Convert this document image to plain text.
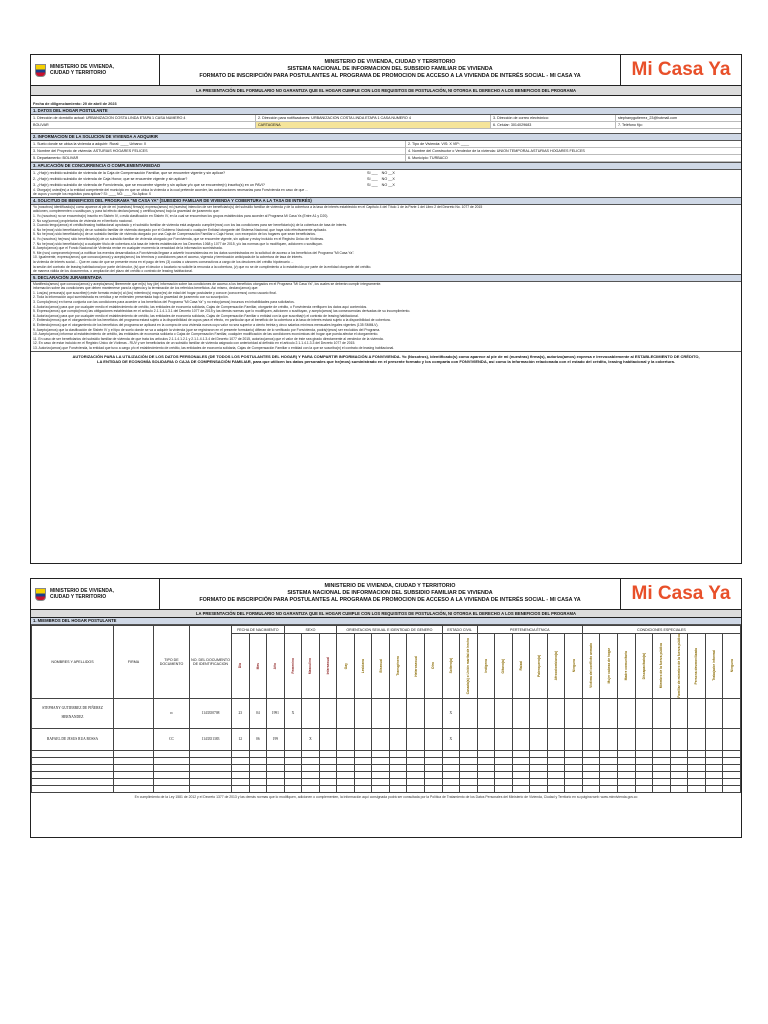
MINISTERIO DE VIVIENDA,
CIUDAD Y TERRITORIO
MINISTERIO DE VIVIENDA, CIUDAD Y TERRITORIO
SISTEMA NACIONAL DE INFORMACION DEL SUBSIDIO FAMILIAR DE VIVIENDA
FORMATO DE INSCRIPCIÓN PARA POSTULANTES AL PROGRAMA DE PROMOCION DE ACCESO A LA VIVIENDA DE INTERÉS SOCIAL - MI CASA YA	Mi Casa Ya
LA PRESENTACIÓN DEL FORMULARIO NO GARANTIZA QUE EL HOGAR CUMPLE CON LOS REQUISITOS DE POSTULACIÓN, NI OTORGA EL DERECHO A LOS BENEFICIOS DEL PROGRAMA
Fecha de diligenciamiento: 20 de abril de 2023
1. DATOS DEL HOGAR POSTULANTE
1. Dirección de domicilio actual: URBANIZACION COSTA LINDA ETAPA 1 CASA NUMERO 4	2. Dirección para notificaciones: URBANIZACION COSTA LINDA ETAPA 1 CASA NUMERO 4	3. Dirección de correo electrónico:	stephanygutierrez_23@hotmail.com
BOLIVAR	CARTAGENA	6. Celular: 3014029683	7. Teléfono fijo:
2. INFORMACION DE LA SOLUCION DE VIVIENDA A ADQUIRIR
1. Suelo donde se ubica la vivienda a adquirir: Rural: ____ Urbano: X	2. Tipo de Vivienda: VIS: X VIP: ____
3. Nombre del Proyecto de vivienda: ASTURIAS HOGARES FELICES	4. Nombre del Constructor o Vendedor de la vivienda: UNION TEMPORAL ASTURIAS HOGARES FELICES
5. Departamento: BOLIVAR	6. Municipio: TURBACO
3. APLICACIÓN DE CONCURRENCIA O COMPLEMENTARIEDAD
1. ¿Ha(n) recibido subsidio de vivienda de la Caja de Compensación Familiar, que se encuentre vigente y sin aplicar?	SI ___	NO __X
2. ¿Ha(n) recibido subsidio de vivienda de Caja Honor, que se encuentre vigente y sin aplicar?	SI ___	NO __X
3. ¿Ha(n) recibido subsidio de vivienda de Fonvivienda, que se encuentre vigente y sin aplicar y/o que se encuentre(n) inscrito(s) en un PAVI?	SI ___	NO __X
4. Otorga(n) usted(es) a la entidad competente del municipio en que se ubica la vivienda a la cual pretende acceder, las autorizaciones necesarias para Fonvivienda en caso de que ...
de cupos y cumple los requisitos para aplicar? SI: ____ NO: ____ No Aplica: X
4. SOLICITUD DE BENEFICIOS DEL PROGRAMA "MI CASA YA" (SUBSIDIO FAMILIAR DE VIVIENDA Y COBERTURA A LA TASA DE INTERÉS)
Yo (nosotros) identificado(s) como aparece al pie de mi (nuestras) firma(s) expreso(amos) mi (nuestra) intención de ser beneficiario(s) del subsidio familiar de vivienda y de la cobertura a la tasa de interés establecido en el Capítulo 4 del Título 1 de la Parte 1 del Libro 2 del Decreto No. 1077 de 2015
adicionen, complementen o sustituyan, y para tal efecto declaro(amos) y certifico(amos) bajo la gravedad de juramento que:
1. Yo (nosotros) no se encuentra(n) inscrito en Sisbén IV, o está clasificación en Sisbén IV, en la cual se encuentran los grupos establecidos para acceder al Programa Mi Casa Ya (Entre A1 y D20).
2. No soy(somos) propietarios de vivienda en el territorio nacional.
3. Cuando tengo(amos) el crédito/leasing habitacional aprobado y el subsidio familiar de vivienda está asignado cumpliré(mos) con los las condiciones para ser beneficiario(s) de la cobertura de tasa de interés.
4. No he(mos) sido beneficiario(s) de un subsidio familiar de vivienda otorgado por el Gobierno Nacional o cualquier Entidad otorgante del Sistema Nacional, que haya sido efectivamente aplicado.
5. No he(mos) sido beneficiario(s) de un subsidio familiar de vivienda otorgado por una Caja de Compensación Familiar o Caja Honor, con excepción de los hogares que sean beneficiarios.
6. Yo (nosotros) he(mos) sido beneficiario(s) de un subsidio familiar de vivienda otorgado por Fonvivienda, que se encuentre vigente, sin aplicar y estoy incluido en el Registro Único de Víctimas.
7. No he(mos) sido beneficiario(s) a cualquier título de cobertura a la tasa de interés establecida en los Decretos 1068 y 1077 de 2015, y/o las normas que lo modifiquen, adicionen o sustituyan.
8. Acepto(amos) que el Fondo Nacional de Vivienda revise en cualquier momento la veracidad de la información suministrada.
9. Me (nos) comprometo(emos) a notificar los eventos desarrollados a Fonvivienda llegase a advertir inconsistencias en los datos suministrados en la solicitud de acceso a los beneficios del Programa "Mi Casa Ya".
10. Igualmente, expreso(amos) que conozco(amos) y acepto(amos) los términos y condiciones para el acceso, vigencia y terminación anticipada de la cobertura de tasa de interés.
la vivienda de interés social ... Que en caso de que se presente mora en el pago de tres (3) cuotas o cánones consecutivos a cargo de los deudores del crédito hipotecario ...
la sesión del contrato de leasing habitacional por parte del deudor, (iv) que el deudor o locatario no solicite la renuncia a la cobertura, (v) que no se de cumplimiento a lo establecido por parte de la entidad otorgante del crédito.
de manera válida de los documentos. o ampliación del plazo del crédito o contrato de leasing habitacional.
5. DECLARACIÓN JURAMENTADA
Manifiesto(amos) que conozco(amos) y acepto(amos) libremente que mi(s) hoy (de) información sobre las condiciones de acceso a los beneficios otorgados en el Programa "Mi Casa Ya", los cuales se deberán cumplir íntegramente.
información sobre las condiciones que deben mantenerse para la vigencia y la terminación de los referidos beneficios. Así mismo, declaro(amos) que:
1. Los(as) persona(s) que suscribe(n) este formato estar(n) al (los) miembro(s) mayor(es) de edad del hogar postulante y conoce (conocemos) como usuario final.
2. Toda la información aquí suministrada es verídica y se entienden presentada bajo la gravedad de juramento con su suscripción.
3. Cumplo(imos) en forma conjunta con las condiciones para acceder a los beneficios del Programa "Mi Casa Ya" y no estoy(amos) incursos en inhabilidades para solicitarlos.
4. Autorizo(amos) para que por cualquier medio el establecimiento de crédito, las entidades de economía solidaria, Cajas de Compensación Familiar, otorgante de crédito, o Fonvivienda verifiquen los datos aquí contenidos.
5. Expreso(amos) que cumplo(imos) las obligaciones establecidas en el artículo 2.1.1.4.1.3.1 del Decreto 1077 de 2015 y las demás normas que lo modifiquen, adicionen o sustituyan, y acepto(amos) las consecuencias derivadas de su incumplimiento.
6. Autorizo(amos) para que por cualquier medio el establecimiento de crédito, las entidades de economía solidaria, Cajas de Compensación Familiar o entidad con la que suscriba(n) el contrato de leasing habitacional.
7. Entiendo(emos) que el otorgamiento de los beneficios del programa estará sujeto a la disponibilidad de cupos para el efecto, en particular que al beneficio de la cobertura a la tasa de interés estará sujeto a la disponibilidad de cobertura.
8. Entiendo(emos) que el otorgamiento de los beneficios del programa se aplicará en la compra de una vivienda nueva cuyo valor no sea superior a ciento treinta y cinco salarios mínimos mensuales legales vigentes (135 SMMLV).
9. Acepto(amos) que la clasificación de Sisbén IV y el tipo de suelo donde se va a adquirir la vivienda (que se registraron en el presente formulario) difieran de lo verificado por Fonvivienda, podrá(n)mos) ser excluidos del Programa.
10. Acepto(amos) informar al establecimiento de crédito, las entidades de economía solidaria o Cajas de Compensación Familiar, cualquier modificación de las condiciones económicas del hogar que pueda afectar el otorgamiento.
11. En caso de ser beneficiarios del subsidio familiar de vivienda de que trata los artículos 2.1.1.4.1.2.1 y 2.1.1.4.1.3.4 del Decreto 1077 de 2015, autorizo(amos) que el valor de éste sea girado directamente al vendedor de la vivienda.
12. En caso de estar incluido en el Registro Único de Víctimas - RUV y ser beneficiarios de un subsidio familiar de vivienda asignado con anterioridad al definido en el artículo 2.1.1.4.1.3.3 del Decreto 1077 de 2015.
13. Autorizo(amos) que Fonvivienda, la entidad que tuvo a cargo y/o el establecimiento de crédito, las entidades de economía solidaria, Cajas de Compensación Familiar o entidad con la que se suscriba(n) el contrato de leasing habitacional.
AUTORIZACIÓN PARA LA UTILIZACIÓN DE LOS DATOS PERSONALES (DE TODOS LOS POSTULANTES DEL HOGAR) Y PARA COMPARTIR INFORMACIÓN A FONVIVIENDA. Yo (Nosotros), identificado(s) como aparece al pie de mi (nuestras) firma(s), autorizo(amos) expresa e irrevocablemente al ESTABLECIMIENTO DE CRÉDITO, LA ENTIDAD DE ECONOMÍA SOLIDARIA O CAJA DE COMPENSACIÓN FAMILIAR, para que utilicen los datos personales que he(mos) suministrado en el presente formato y los comparta con FONVIVIENDA, así como la información relacionada con el estado del crédito, leasing habitacional y la cobertura.
MINISTERIO DE VIVIENDA,
CIUDAD Y TERRITORIO
MINISTERIO DE VIVIENDA, CIUDAD Y TERRITORIO
SISTEMA NACIONAL DE INFORMACION DEL SUBSIDIO FAMILIAR DE VIVIENDA
FORMATO DE INSCRIPCIÓN PARA POSTULANTES AL PROGRAMA DE PROMOCION DE ACCESO A LA VIVIENDA DE INTERÉS SOCIAL - MI CASA YA	Mi Casa Ya
LA PRESENTACIÓN DEL FORMULARIO NO GARANTIZA QUE EL HOGAR CUMPLE CON LOS REQUISITOS DE POSTULACIÓN, NI OTORGA EL DERECHO A LOS BENEFICIOS DEL PROGRAMA
1. MIEMBROS DEL HOGAR POSTULANTE
NOMBRES Y APELLIDOS	FIRMA	TIPO DE DOCUMENTO	NO. DEL DOCUMENTO DE IDENTIFICACION	FECHA DE NACIMIENTO			SEXO			ORIENTACION SEXUAL E IDENTIDAD DE GENERO						ESTADO CIVIL		PERTENENCIA ÉTNICA						CONDICIONES ESPECIALES								

				Día	Mes	Año	Femenino	Masculino	Intersexual	Gay	Lesbiana	Bisexual	Transgénero	Heterosexual	Otro	Soltero(a)	Casado(a) o Unión marital de hecho	Indígena	Gitano(a)	Raizal	Palenquero(a)	Afrocolombiano(a)	Ninguna	Víctima del conflicto armado	Mujer cabeza de hogar	Madre comunitaria	Discapacitado(a)	Miembro de la fuerza pública	Familiar de miembro de la fuerza pública	Persona desmovilizada	Trabajador informal	Ninguna

STEPHANY GUTIERREZ DE PIÑEREZ HERNANDEZ		cc	1143350708	23	04	1991	X									X																
RAFAEL DE JESUS RUA BOSSA		CC	1143351383	12	06	199		X								X																

En cumplimiento de la Ley 1581 de 2012 y el Decreto 1377 de 2013 y las demás normas que lo modifiquen, adicionen o complementen, la información aquí consignada podrá ser consultada por la Política de Tratamiento de los Datos Personales del Ministerio de Vivienda, Ciudad y Territorio en su página web: www.minvivienda.gov.co
